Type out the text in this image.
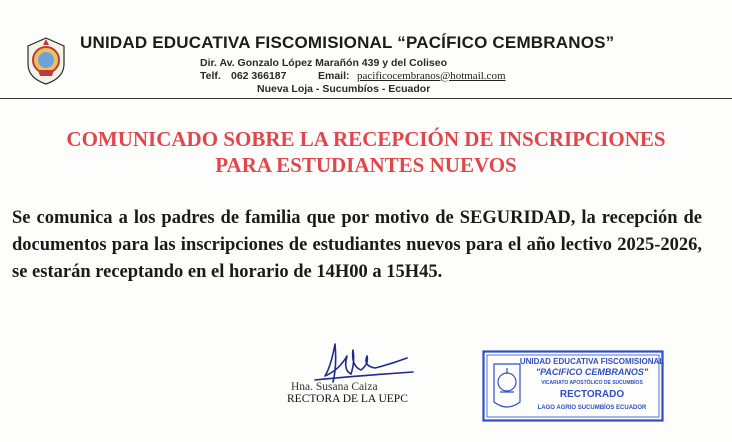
UNIDAD EDUCATIVA FISCOMISIONAL “PACÍFICO CEMBRANOS”
Dir. Av. Gonzalo López Marañón 439 y del Coliseo
Telf. 062 366187	Email: pacificocembranos@hotmail.com
Nueva Loja - Sucumbíos - Ecuador
COMUNICADO SOBRE LA RECEPCIÓN DE INSCRIPCIONES
PARA ESTUDIANTES NUEVOS
Se comunica a los padres de familia que por motivo de SEGURIDAD, la recepción de documentos para las inscripciones de estudiantes nuevos para el año lectivo 2025-2026, se estarán receptando en el horario de 14H00 a 15H45.
Hna. Susana Caiza
RECTORA DE LA UEPC
UNIDAD EDUCATIVA FISCOMISIONAL
"PACIFICO CEMBRANOS"
VICARIATO APOSTÓLICO DE SUCUMBÍOS
RECTORADO
LAGO AGRIO SUCUMBÍOS ECUADOR
